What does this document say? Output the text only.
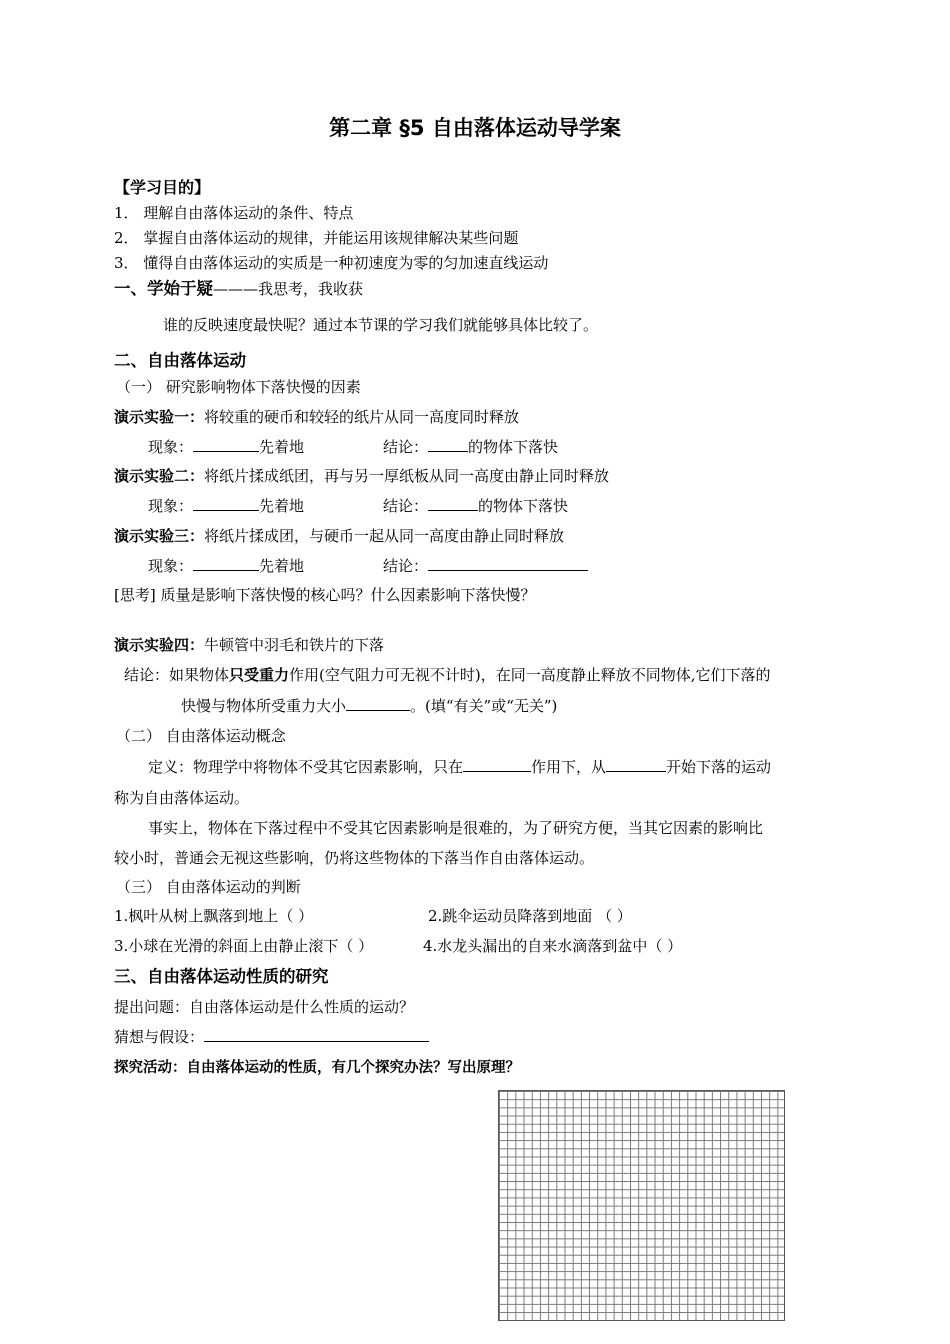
第二章 §5 自由落体运动导学案
【学习目的】
1． 理解自由落体运动的条件、特点
2． 掌握自由落体运动的规律，并能运用该规律解决某些问题
3． 懂得自由落体运动的实质是一种初速度为零的匀加速直线运动
一、学始于疑———我思考，我收获
谁的反映速度最快呢？通过本节课的学习我们就能够具体比较了。
二、自由落体运动
（一） 研究影响物体下落快慢的因素
演示实验一：将较重的硬币和较轻的纸片从同一高度同时释放
现象：	先着地	结论：	的物体下落快
演示实验二：将纸片揉成纸团，再与另一厚纸板从同一高度由静止同时释放
现象：	先着地	结论：	的物体下落快
演示实验三：将纸片揉成团，与硬币一起从同一高度由静止同时释放
现象：	先着地	结论：
[思考] 质量是影响下落快慢的核心吗？什么因素影响下落快慢？
演示实验四：牛顿管中羽毛和铁片的下落
结论：如果物体只受重力作用(空气阻力可无视不计时)，在同一高度静止释放不同物体,它们下落的
快慢与物体所受重力大小	。(填“有关”或“无关”)
（二） 自由落体运动概念
定义：物理学中将物体不受其它因素影响，只在	作用下，从	开始下落的运动
称为自由落体运动。
事实上，物体在下落过程中不受其它因素影响是很难的，为了研究方便，当其它因素的影响比
较小时，普通会无视这些影响，仍将这些物体的下落当作自由落体运动。
（三） 自由落体运动的判断
1.枫叶从树上飘落到地上（ ）	2.跳伞运动员降落到地面 （ ）
3.小球在光滑的斜面上由静止滚下（ ）	4.水龙头漏出的自来水滴落到盆中（ ）
三、自由落体运动性质的研究
提出问题：自由落体运动是什么性质的运动？
猜想与假设：
探究活动：自由落体运动的性质，有几个探究办法？写出原理？
